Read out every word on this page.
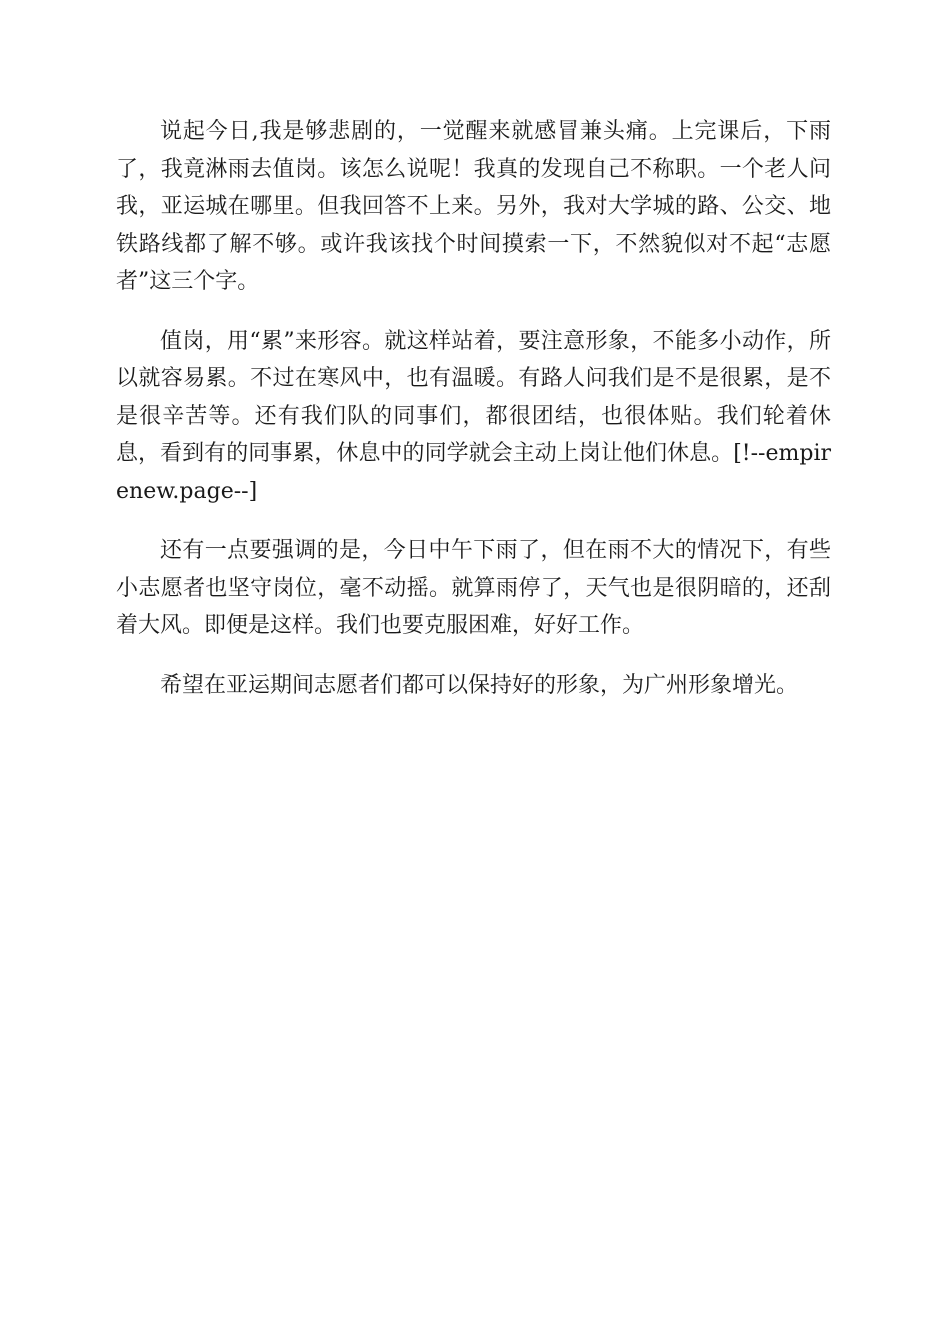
说起今日,我是够悲剧的，一觉醒来就感冒兼头痛。上完课后，下雨了，我竟淋雨去值岗。该怎么说呢！我真的发现自己不称职。一个老人问我，亚运城在哪里。但我回答不上来。另外，我对大学城的路、公交、地铁路线都了解不够。或许我该找个时间摸索一下，不然貌似对不起“志愿者”这三个字。

值岗，用“累”来形容。就这样站着，要注意形象，不能多小动作，所以就容易累。不过在寒风中，也有温暖。有路人问我们是不是很累，是不是很辛苦等。还有我们队的同事们，都很团结，也很体贴。我们轮着休息，看到有的同事累，休息中的同学就会主动上岗让他们休息。[!--empirenew.page--]

还有一点要强调的是，今日中午下雨了，但在雨不大的情况下，有些小志愿者也坚守岗位，毫不动摇。就算雨停了，天气也是很阴暗的，还刮着大风。即便是这样。我们也要克服困难，好好工作。

希望在亚运期间志愿者们都可以保持好的形象，为广州形象增光。
